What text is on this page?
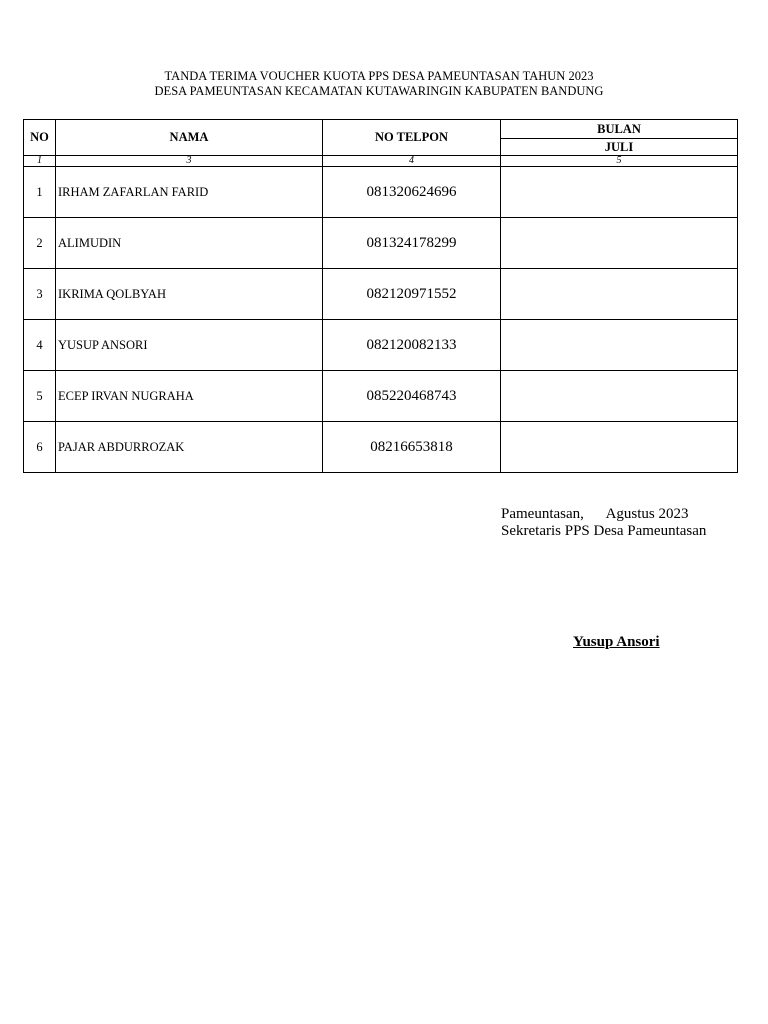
TANDA TERIMA VOUCHER KUOTA PPS DESA PAMEUNTASAN TAHUN 2023
DESA PAMEUNTASAN KECAMATAN KUTAWARINGIN KABUPATEN BANDUNG
NO	NAMA	NO TELPON	BULAN
			JULI
1	3	4	5
1	IRHAM ZAFARLAN FARID	081320624696	
2	ALIMUDIN	081324178299	
3	IKRIMA QOLBYAH	082120971552	
4	YUSUP ANSORI	082120082133	
5	ECEP IRVAN NUGRAHA	085220468743	
6	PAJAR ABDURROZAK	08216653818	
Pameuntasan,      Agustus 2023
Sekretaris PPS Desa Pameuntasan
Yusup Ansori
